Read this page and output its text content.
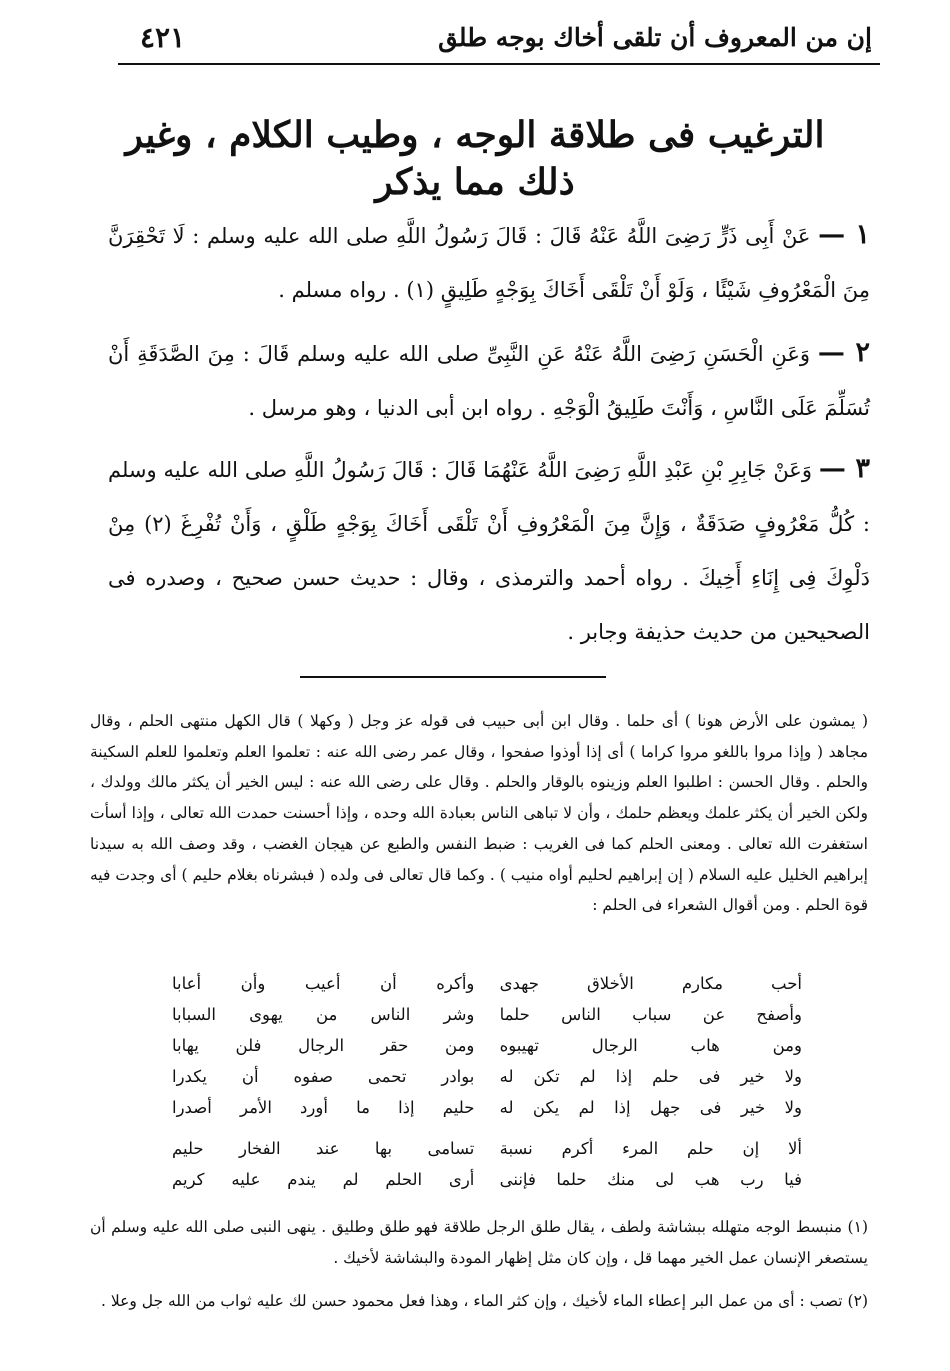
إن من المعروف أن تلقى أخاك بوجه طلق
٤٢١
الترغيب فى طلاقة الوجه ، وطيب الكلام ، وغير ذلك مما يذكر
١ — عَنْ أَبِى ذَرٍّ رَضِىَ اللَّهُ عَنْهُ قَالَ : قَالَ رَسُولُ اللَّهِ صلى الله عليه وسلم : لَا تَحْقِرَنَّ مِنَ الْمَعْرُوفِ شَيْئًا ، وَلَوْ أَنْ تَلْقَى أَخَاكَ بِوَجْهٍ طَلِيقٍ (١) . رواه مسلم .
٢ — وَعَنِ الْحَسَنِ رَضِىَ اللَّهُ عَنْهُ عَنِ النَّبِىِّ صلى الله عليه وسلم قَالَ : مِنَ الصَّدَقَةِ أَنْ تُسَلِّمَ عَلَى النَّاسِ ، وَأَنْتَ طَلِيقُ الْوَجْهِ . رواه ابن أبى الدنيا ، وهو مرسل .
٣ — وَعَنْ جَابِرِ بْنِ عَبْدِ اللَّهِ رَضِىَ اللَّهُ عَنْهُمَا قَالَ : قَالَ رَسُولُ اللَّهِ صلى الله عليه وسلم : كُلُّ مَعْرُوفٍ صَدَقَةٌ ، وَإِنَّ مِنَ الْمَعْرُوفِ أَنْ تَلْقَى أَخَاكَ بِوَجْهٍ طَلْقٍ ، وَأَنْ تُفْرِغَ (٢) مِنْ دَلْوِكَ فِى إِنَاءِ أَخِيكَ . رواه أحمد والترمذى ، وقال : حديث حسن صحيح ، وصدره فى الصحيحين من حديث حذيفة وجابر .
( يمشون على الأرض هونا ) أى حلما . وقال ابن أبى حبيب فى قوله عز وجل ( وكهلا ) قال الكهل منتهى الحلم ، وقال مجاهد ( وإذا مروا باللغو مروا كراما ) أى إذا أوذوا صفحوا ، وقال عمر رضى الله عنه : تعلموا العلم وتعلموا للعلم السكينة والحلم . وقال الحسن : اطلبوا العلم وزينوه بالوقار والحلم . وقال على رضى الله عنه : ليس الخير أن يكثر مالك وولدك ، ولكن الخير أن يكثر علمك ويعظم حلمك ، وأن لا تباهى الناس بعبادة الله وحده ، وإذا أحسنت حمدت الله تعالى ، وإذا أسأت استغفرت الله تعالى . ومعنى الحلم كما فى الغريب : ضبط النفس والطبع عن هيجان الغضب ، وقد وصف الله به سيدنا إبراهيم الخليل عليه السلام ( إن إبراهيم لحليم أواه منيب ) . وكما قال تعالى فى ولده ( فبشرناه بغلام حليم ) أى وجدت فيه قوة الحلم . ومن أقوال الشعراء فى الحلم :
أحب مكارم الأخلاق جهدى
وأكره أن أعيب وأن أعابا
وأصفح عن سباب الناس حلما
وشر الناس من يهوى السبابا
ومن هاب الرجال تهيبوه
ومن حقر الرجال فلن يهابا
ولا خير فى حلم إذا لم تكن له
بوادر تحمى صفوه أن يكدرا
ولا خير فى جهل إذا لم يكن له
حليم إذا ما أورد الأمر أصدرا
ألا إن حلم المرء أكرم نسبة
تسامى بها عند الفخار حليم
فيا رب هب لى منك حلما فإننى
أرى الحلم لم يندم عليه كريم
(١) منبسط الوجه متهلله ببشاشة ولطف ، يقال طلق الرجل طلاقة فهو طلق وطليق . ينهى النبى صلى الله عليه وسلم أن يستصغر الإنسان عمل الخير مهما قل ، وإن كان مثل إظهار المودة والبشاشة لأخيك .
(٢) تصب : أى من عمل البر إعطاء الماء لأخيك ، وإن كثر الماء ، وهذا فعل محمود حسن لك عليه ثواب من الله جل وعلا .
